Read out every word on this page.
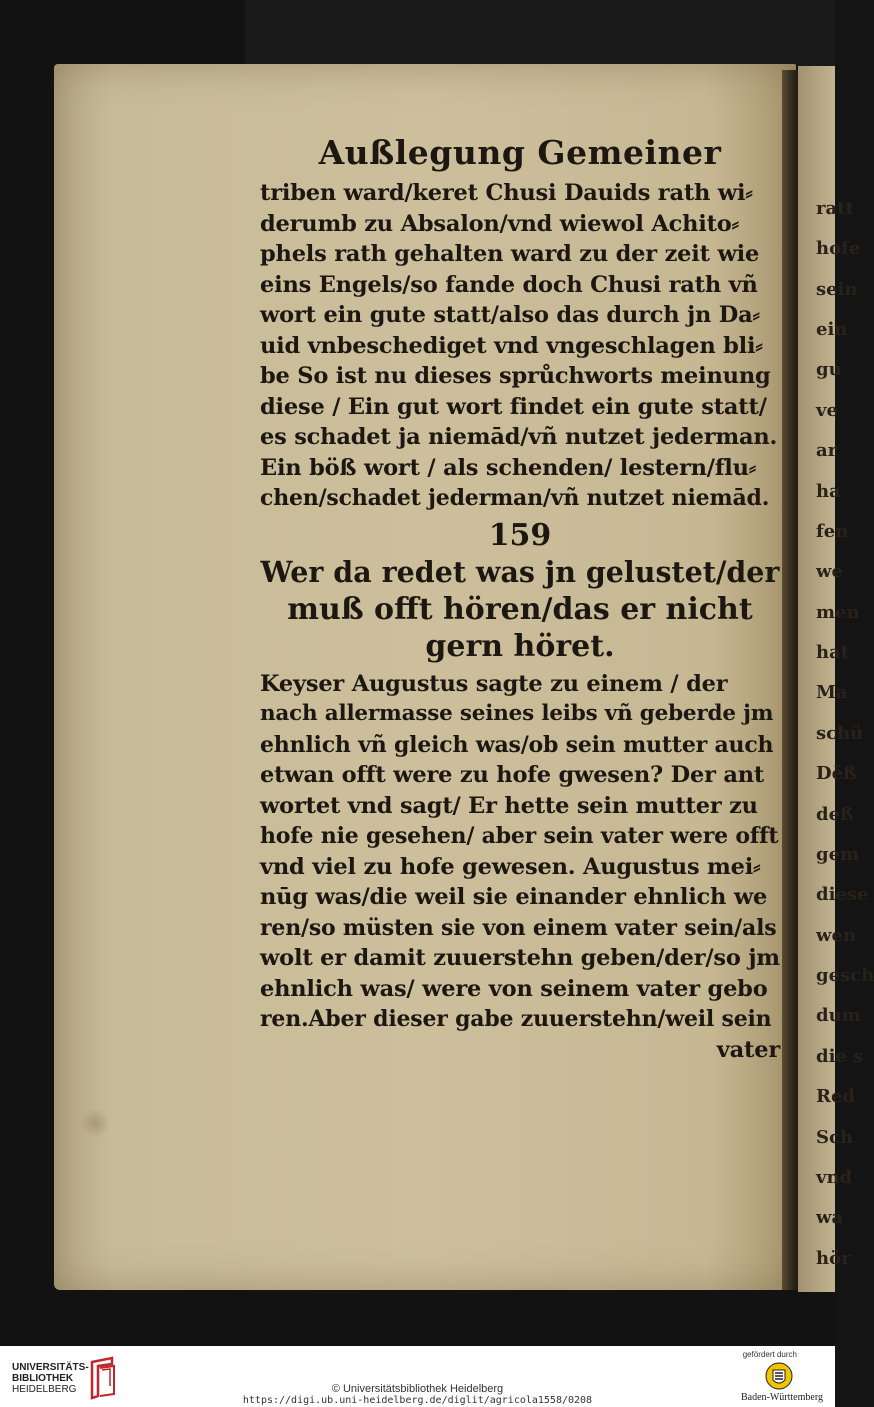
ratt
hofe
sein
ein
gu
ve
ar
ha
fen
we
men
hat
Ma
schü
Dēß
deß
gem
diese
wen
gesch
dum
die s
Red
Sch
vnd
wa
hör
Außlegung Gemeiner
triben ward/keret Chusi Dauids rath wi⸗
derumb zu Absalon/vnd wiewol Achito⸗
phels rath gehalten ward zu der zeit wie
eins Engels/so fande doch Chusi rath vñ
wort ein gute statt/also das durch jn Da⸗
uid vnbeschediget vnd vngeschlagen bli⸗
be So ist nu dieses sprůchworts meinung
diese / Ein gut wort findet ein gute statt/
es schadet ja niemād/vñ nutzet jederman.
Ein böß wort / als schenden/ lestern/flu⸗
chen/schadet jederman/vñ nutzet niemād.
159
Wer da redet was jn gelustet/der
muß offt hören/das er nicht
gern höret.
Keyser Augustus sagte zu einem / der
nach allermasse seines leibs vñ geberde jm
ehnlich vñ gleich was/ob sein mutter auch
etwan offt were zu hofe gwesen? Der ant
wortet vnd sagt/ Er hette sein mutter zu
hofe nie gesehen/ aber sein vater were offt
vnd viel zu hofe gewesen. Augustus mei⸗
nūg was/die weil sie einander ehnlich we
ren/so müsten sie von einem vater sein/als
wolt er damit zuuerstehn geben/der/so jm
ehnlich was/ were von seinem vater gebo
ren.Aber dieser gabe zuuerstehn/weil sein
vater
UNIVERSITÄTS-
BIBLIOTHEK
HEIDELBERG	© Universitätsbibliothek Heidelberg
https://digi.ub.uni-heidelberg.de/diglit/agricola1558/0208
gefördert durch
Baden-Württemberg
